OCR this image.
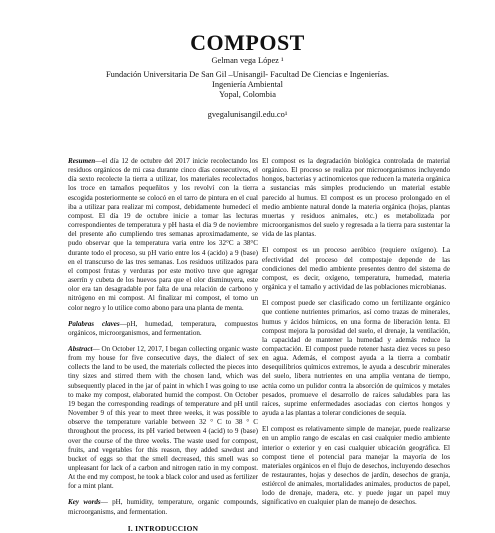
COMPOST
Gelman vega López ¹
Fundación Universitaria De San Gil –Unisangil- Facultad De Ciencias e Ingenierías.
Ingeniería Ambiental
Yopal, Colombia
gvegalunisangil.edu.co¹

Resumen—el día 12 de octubre del 2017 inicie recolectando los residuos orgánicos de mi casa durante cinco días consecutivos, el día sexto recolecte la tierra a utilizar, los materiales recolectados los troce en tamaños pequeñitos y los revolví con la tierra escogida posteriormente se colocó en el tarro de pintura en el cual iba a utilizar para realizar mi compost, debidamente humedecí el compost. El día 19 de octubre inicie a tomar las lecturas correspondientes de temperatura y pH hasta el día 9 de noviembre del presente año cumpliendo tres semanas aproximadamente, se pudo observar que la temperatura varia entre los 32°C a 38°C durante todo el proceso, su pH vario entre los 4 (acido) a 9 (base) en el transcurso de las tres semanas. Los residuos utilizados para el compost frutas y verduras por este motivo tuve que agregar aserrín y cubeta de los huevos para que el olor disminuyera, este olor era tan desagradable por falta de una relación de carbono y nitrógeno en mi compost. Al finalizar mi compost, el tomo un color negro y lo utilice como abono para una planta de menta.

Palabras claves—pH, humedad, temperatura, compuestos orgánicos, microorganismos, and fermentation.

Abstract— On October 12, 2017, I began collecting organic waste from my house for five consecutive days, the dialect of sex collects the land to be used, the materials collected the pieces into tiny sizes and stirred them with the chosen land, which was subsequently placed in the jar of paint in which I was going to use to make my compost, elaborated humid the compost. On October 19 began the corresponding readings of temperature and pH until November 9 of this year to meet three weeks, it was possible to observe the temperature variable between 32 ° C to 38 ° C throughout the process, its pH varied between 4 (acid) to 9 (base) over the course of the three weeks. The waste used for compost, fruits, and vegetables for this reason, they added sawdust and bucket of eggs so that the smell decreased, this smell was so unpleasant for lack of a carbon and nitrogen ratio in my compost. At the end my compost, he took a black color and used as fertilizer for a mint plant.

Key words— pH, humidity, temperature, organic compounds, microorganisms, and fermentation.

I. INTRODUCCION

El compost es la degradación biológica controlada de material orgánico. El proceso se realiza por microorganismos incluyendo hongos, bacterias y actinomicetos que reducen la materia orgánica a sustancias más simples produciendo un material estable parecido al humus. El compost es un proceso prolongado en el medio ambiente natural donde la materia orgánica (hojas, plantas muertas y residuos animales, etc.) es metabolizada por microorganismos del suelo y regresada a la tierra para sustentar la vida de las plantas.

El compost es un proceso aeróbico (requiere oxígeno). La efectividad del proceso del compostaje depende de las condiciones del medio ambiente presentes dentro del sistema de compost, es decir, oxígeno, temperatura, humedad, materia orgánica y el tamaño y actividad de las poblaciones microbianas.

El compost puede ser clasificado como un fertilizante orgánico que contiene nutrientes primarios, así como trazas de minerales, humus y ácidos húmicos, en una forma de liberación lenta. El compost mejora la porosidad del suelo, el drenaje, la ventilación, la capacidad de mantener la humedad y además reduce la compactación. El compost puede retener hasta diez veces su peso en agua. Además, el compost ayuda a la tierra a combatir desequilibrios químicos extremos, le ayuda a descubrir minerales del suelo, libera nutrientes en una amplia ventana de tiempo, actúa como un pulidor contra la absorción de químicos y metales pesados, promueve el desarrollo de raíces saludables para las raíces, suprime enfermedades asociadas con ciertos hongos y ayuda a las plantas a tolerar condiciones de sequía.

El compost es relativamente simple de manejar, puede realizarse en un amplio rango de escalas en casi cualquier medio ambiente interior o exterior y en casi cualquier ubicación geográfica. El compost tiene el potencial para manejar la mayoría de los materiales orgánicos en el flujo de desechos, incluyendo desechos de restaurantes, hojas y desechos de jardín, desechos de granja, estiércol de animales, mortalidades animales, productos de papel, lodo de drenaje, madera, etc. y puede jugar un papel muy significativo en cualquier plan de manejo de desechos.
